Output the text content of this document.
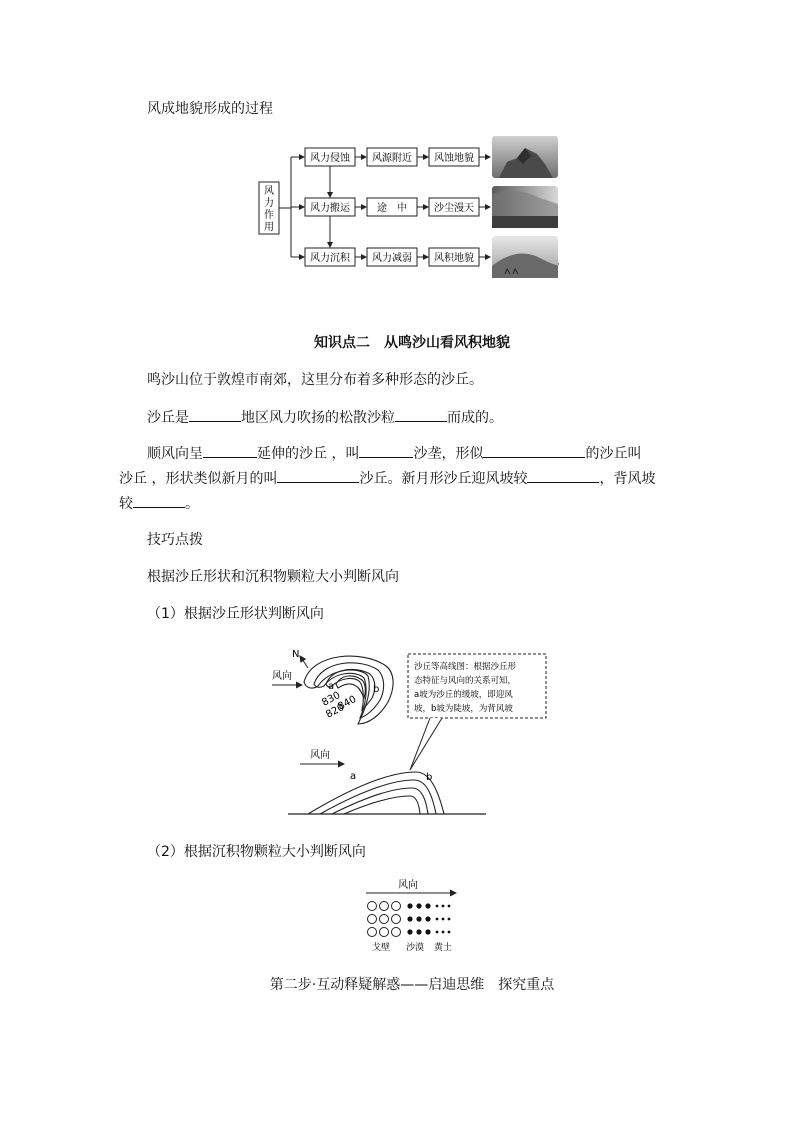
风成地貌形成的过程
风
力
作
用
风力侵蚀
风力搬运
风力沉积
风源附近
途　中
风力减弱
风蚀地貌
沙尘漫天
风积地貌
知识点二　从鸣沙山看风积地貌
鸣沙山位于敦煌市南郊，这里分布着多种形态的沙丘。
沙丘是	地区风力吹扬的松散沙粒	而成的。
顺风向呈	延伸的沙丘 ，叫	沙垄，形似	的沙丘叫
沙丘 ，形状类似新月的叫	沙丘。新月形沙丘迎风坡较	，背风坡
较	。
技巧点拨
根据沙丘形状和沉积物颗粒大小判断风向
（1）根据沙丘形状判断风向
N
风向
a	b
830
840
820
沙丘等高线图：根据沙丘形
态特征与风向的关系可知，
a坡为沙丘的缓坡，即迎风
坡，b坡为陡坡，为背风坡
风向
a	b
（2）根据沉积物颗粒大小判断风向
风向
戈壁 沙漠 黄土
第二步·互动释疑解惑——启迪思维　探究重点
